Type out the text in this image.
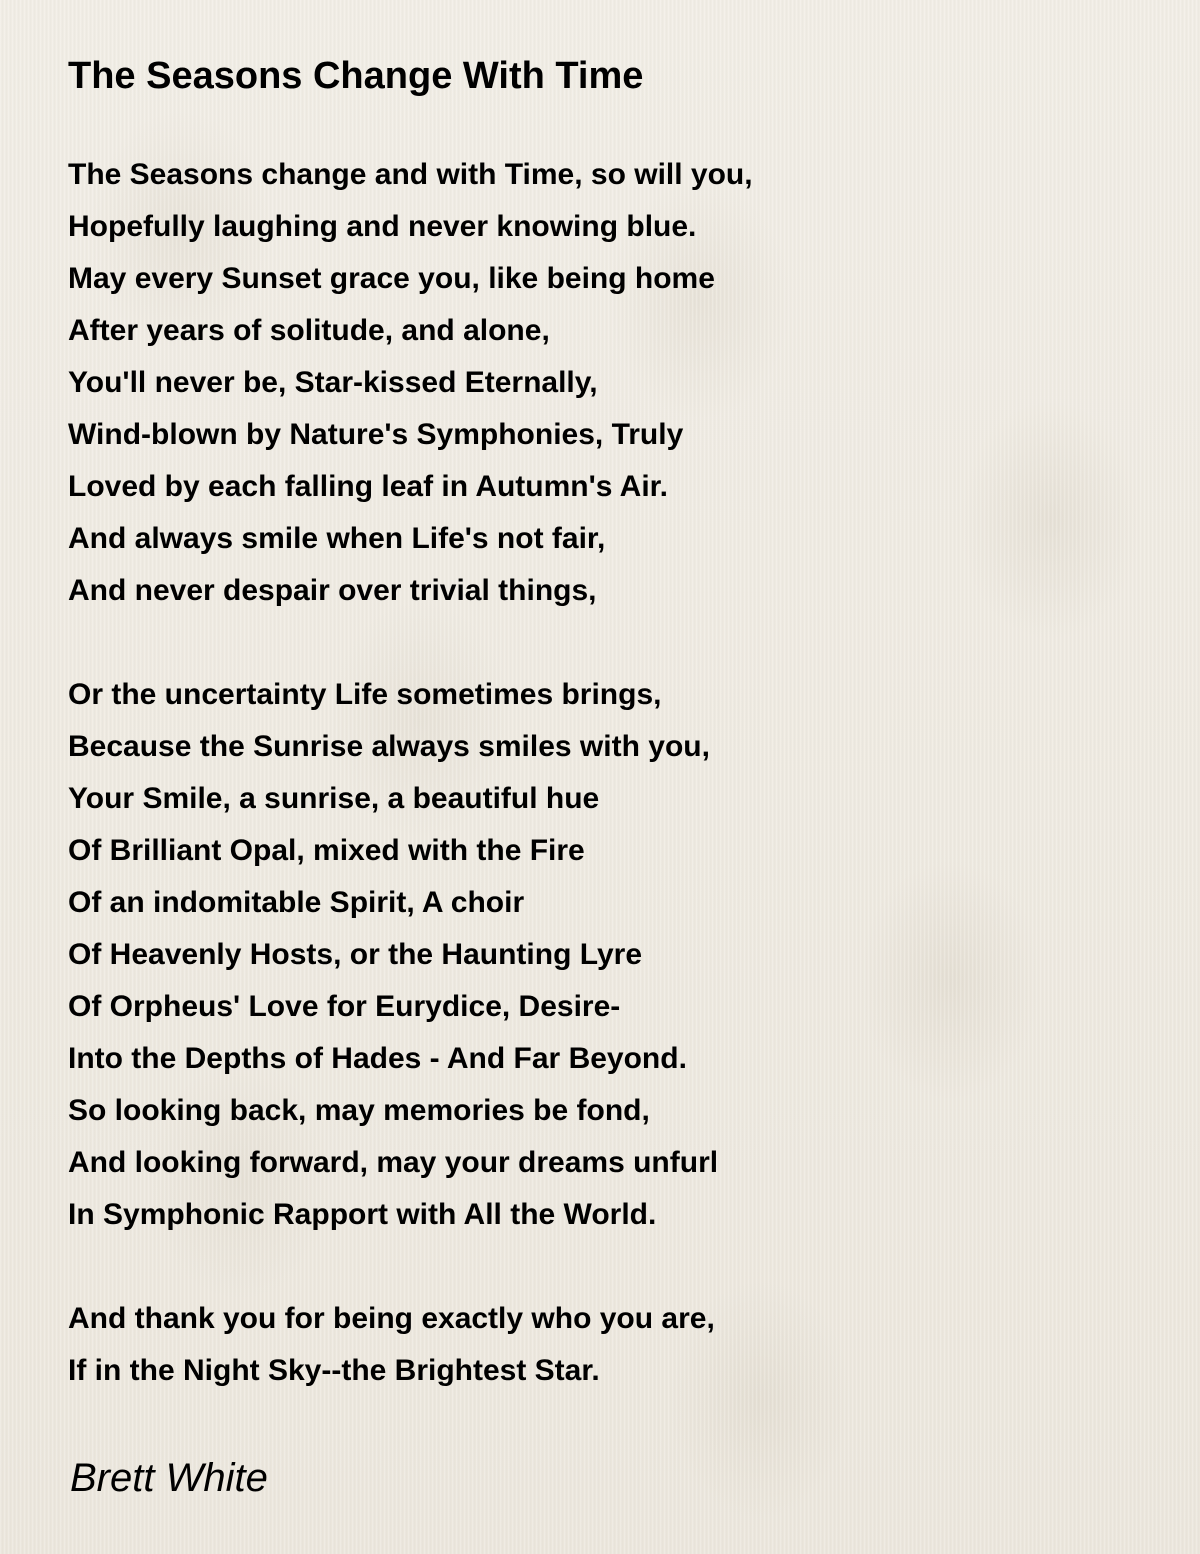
The Seasons Change With Time
The Seasons change and with Time, so will you,
Hopefully laughing and never knowing blue.
May every Sunset grace you, like being home
After years of solitude, and alone,
You'll never be, Star-kissed Eternally,
Wind-blown by Nature's Symphonies, Truly
Loved by each falling leaf in Autumn's Air.
And always smile when Life's not fair,
And never despair over trivial things,
Or the uncertainty Life sometimes brings,
Because the Sunrise always smiles with you,
Your Smile, a sunrise, a beautiful hue
Of Brilliant Opal, mixed with the Fire
Of an indomitable Spirit, A choir
Of Heavenly Hosts, or the Haunting Lyre
Of Orpheus' Love for Eurydice, Desire-
Into the Depths of Hades - And Far Beyond.
So looking back, may memories be fond,
And looking forward, may your dreams unfurl
In Symphonic Rapport with All the World.
And thank you for being exactly who you are,
If in the Night Sky--the Brightest Star.

Brett White
